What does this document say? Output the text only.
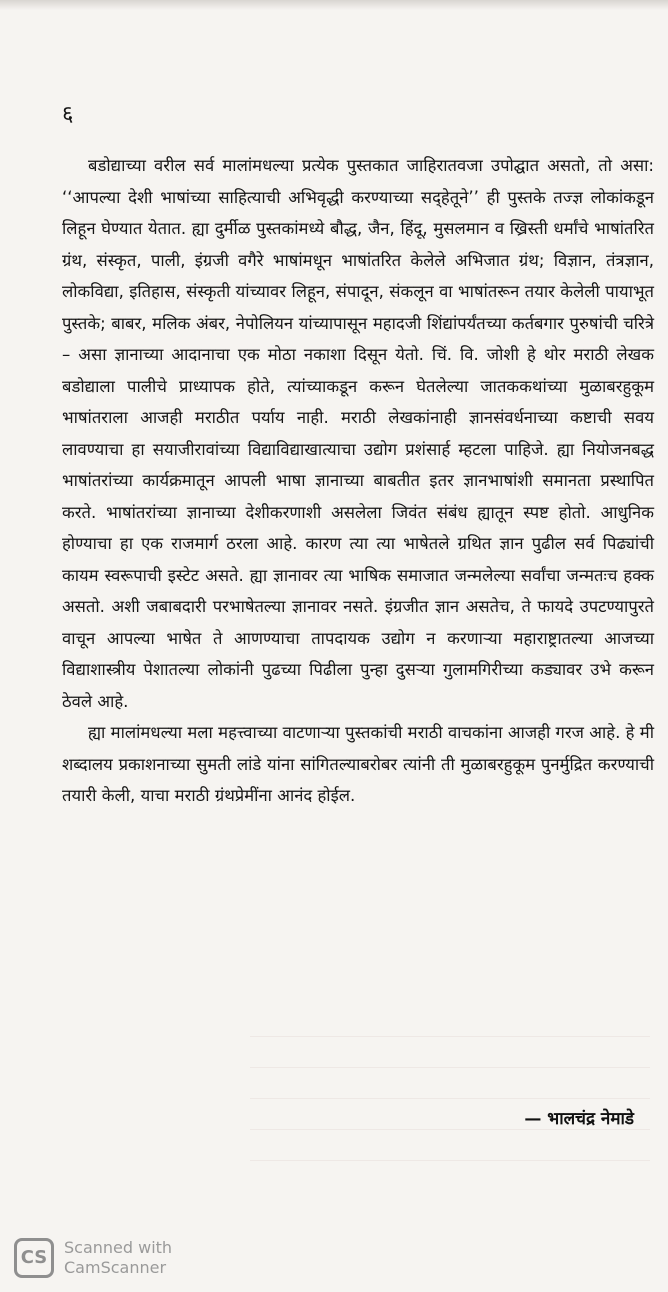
६

बडोद्याच्या वरील सर्व मालांमधल्या प्रत्येक पुस्तकात जाहिरातवजा उपोद्घात असतो, तो असा: ‘‘आपल्या देशी भाषांच्या साहित्याची अभिवृद्धी करण्याच्या सद्हेतूने’’ ही पुस्तके तज्ज्ञ लोकांकडून लिहून घेण्यात येतात. ह्या दुर्मीळ पुस्तकांमध्ये बौद्ध, जैन, हिंदू, मुसलमान व ख्रिस्ती धर्मांचे भाषांतरित ग्रंथ, संस्कृत, पाली, इंग्रजी वगैरे भाषांमधून भाषांतरित केलेले अभिजात ग्रंथ; विज्ञान, तंत्रज्ञान, लोकविद्या, इतिहास, संस्कृती यांच्यावर लिहून, संपादून, संकलून वा भाषांतरून तयार केलेली पायाभूत पुस्तके; बाबर, मलिक अंबर, नेपोलियन यांच्यापासून महादजी शिंद्यांपर्यंतच्या कर्तबगार पुरुषांची चरित्रे – असा ज्ञानाच्या आदानाचा एक मोठा नकाशा दिसून येतो. चिं. वि. जोशी हे थोर मराठी लेखक बडोद्याला पालीचे प्राध्यापक होते, त्यांच्याकडून करून घेतलेल्या जातककथांच्या मुळाबरहुकूम भाषांतराला आजही मराठीत पर्याय नाही. मराठी लेखकांनाही ज्ञानसंवर्धनाच्या कष्टाची सवय लावण्याचा हा सयाजीरावांच्या विद्याविद्याखात्याचा उद्योग प्रशंसार्ह म्हटला पाहिजे. ह्या नियोजनबद्ध भाषांतरांच्या कार्यक्रमातून आपली भाषा ज्ञानाच्या बाबतीत इतर ज्ञानभाषांशी समानता प्रस्थापित करते. भाषांतरांच्या ज्ञानाच्या देशीकरणाशी असलेला जिवंत संबंध ह्यातून स्पष्ट होतो. आधुनिक होण्याचा हा एक राजमार्ग ठरला आहे. कारण त्या त्या भाषेतले ग्रथित ज्ञान पुढील सर्व पिढ्यांची कायम स्वरूपाची इस्टेट असते. ह्या ज्ञानावर त्या भाषिक समाजात जन्मलेल्या सर्वांचा जन्मतःच हक्क असतो. अशी जबाबदारी परभाषेतल्या ज्ञानावर नसते. इंग्रजीत ज्ञान असतेच, ते फायदे उपटण्यापुरते वाचून आपल्या भाषेत ते आणण्याचा तापदायक उद्योग न करणाऱ्या महाराष्ट्रातल्या आजच्या विद्याशास्त्रीय पेशातल्या लोकांनी पुढच्या पिढीला पुन्हा दुसऱ्या गुलामगिरीच्या कड्यावर उभे करून ठेवले आहे.

ह्या मालांमधल्या मला महत्त्वाच्या वाटणाऱ्या पुस्तकांची मराठी वाचकांना आजही गरज आहे. हे मी शब्दालय प्रकाशनाच्या सुमती लांडे यांना सांगितल्याबरोबर त्यांनी ती मुळाबरहुकूम पुनर्मुद्रित करण्याची तयारी केली, याचा मराठी ग्रंथप्रेमींना आनंद होईल.

— भालचंद्र नेमाडे
CS	Scanned with
CamScanner
